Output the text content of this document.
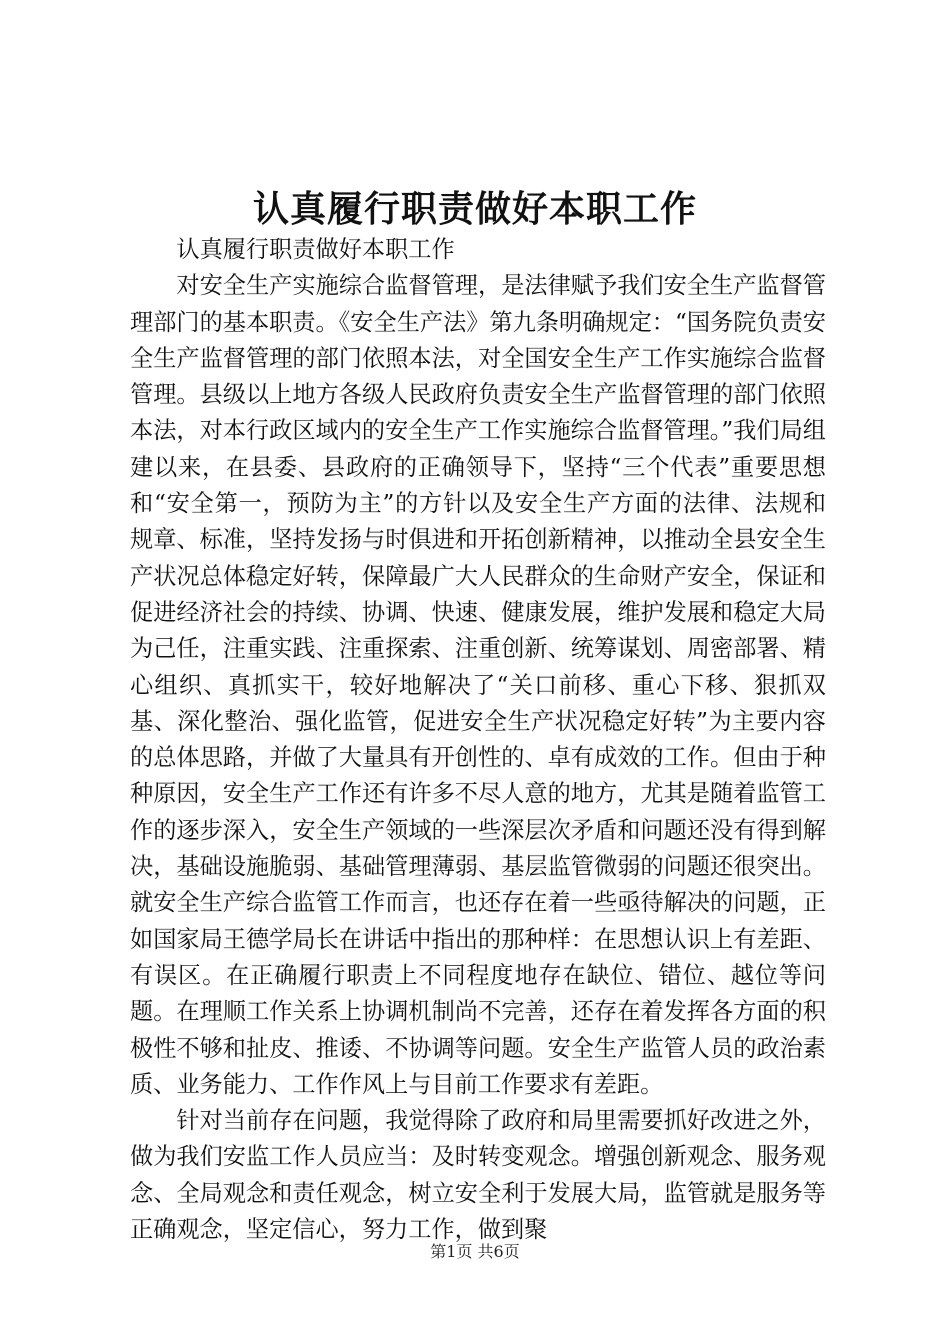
认真履行职责做好本职工作

认真履行职责做好本职工作

对安全生产实施综合监督管理，是法律赋予我们安全生产监督管理部门的基本职责。《安全生产法》第九条明确规定：“国务院负责安全生产监督管理的部门依照本法，对全国安全生产工作实施综合监督管理。县级以上地方各级人民政府负责安全生产监督管理的部门依照本法，对本行政区域内的安全生产工作实施综合监督管理。”我们局组建以来，在县委、县政府的正确领导下，坚持“三个代表”重要思想和“安全第一，预防为主”的方针以及安全生产方面的法律、法规和规章、标准，坚持发扬与时俱进和开拓创新精神，以推动全县安全生产状况总体稳定好转，保障最广大人民群众的生命财产安全，保证和促进经济社会的持续、协调、快速、健康发展，维护发展和稳定大局为己任，注重实践、注重探索、注重创新、统筹谋划、周密部署、精心组织、真抓实干，较好地解决了“关口前移、重心下移、狠抓双基、深化整治、强化监管，促进安全生产状况稳定好转”为主要内容的总体思路，并做了大量具有开创性的、卓有成效的工作。但由于种种原因，安全生产工作还有许多不尽人意的地方，尤其是随着监管工作的逐步深入，安全生产领域的一些深层次矛盾和问题还没有得到解决，基础设施脆弱、基础管理薄弱、基层监管微弱的问题还很突出。就安全生产综合监管工作而言，也还存在着一些亟待解决的问题，正如国家局王德学局长在讲话中指出的那种样：在思想认识上有差距、有误区。在正确履行职责上不同程度地存在缺位、错位、越位等问题。在理顺工作关系上协调机制尚不完善，还存在着发挥各方面的积极性不够和扯皮、推诿、不协调等问题。安全生产监管人员的政治素质、业务能力、工作作风上与目前工作要求有差距。

针对当前存在问题，我觉得除了政府和局里需要抓好改进之外，做为我们安监工作人员应当：及时转变观念。增强创新观念、服务观念、全局观念和责任观念，树立安全利于发展大局，监管就是服务等正确观念，坚定信心，努力工作，做到聚

第1页 共6页
